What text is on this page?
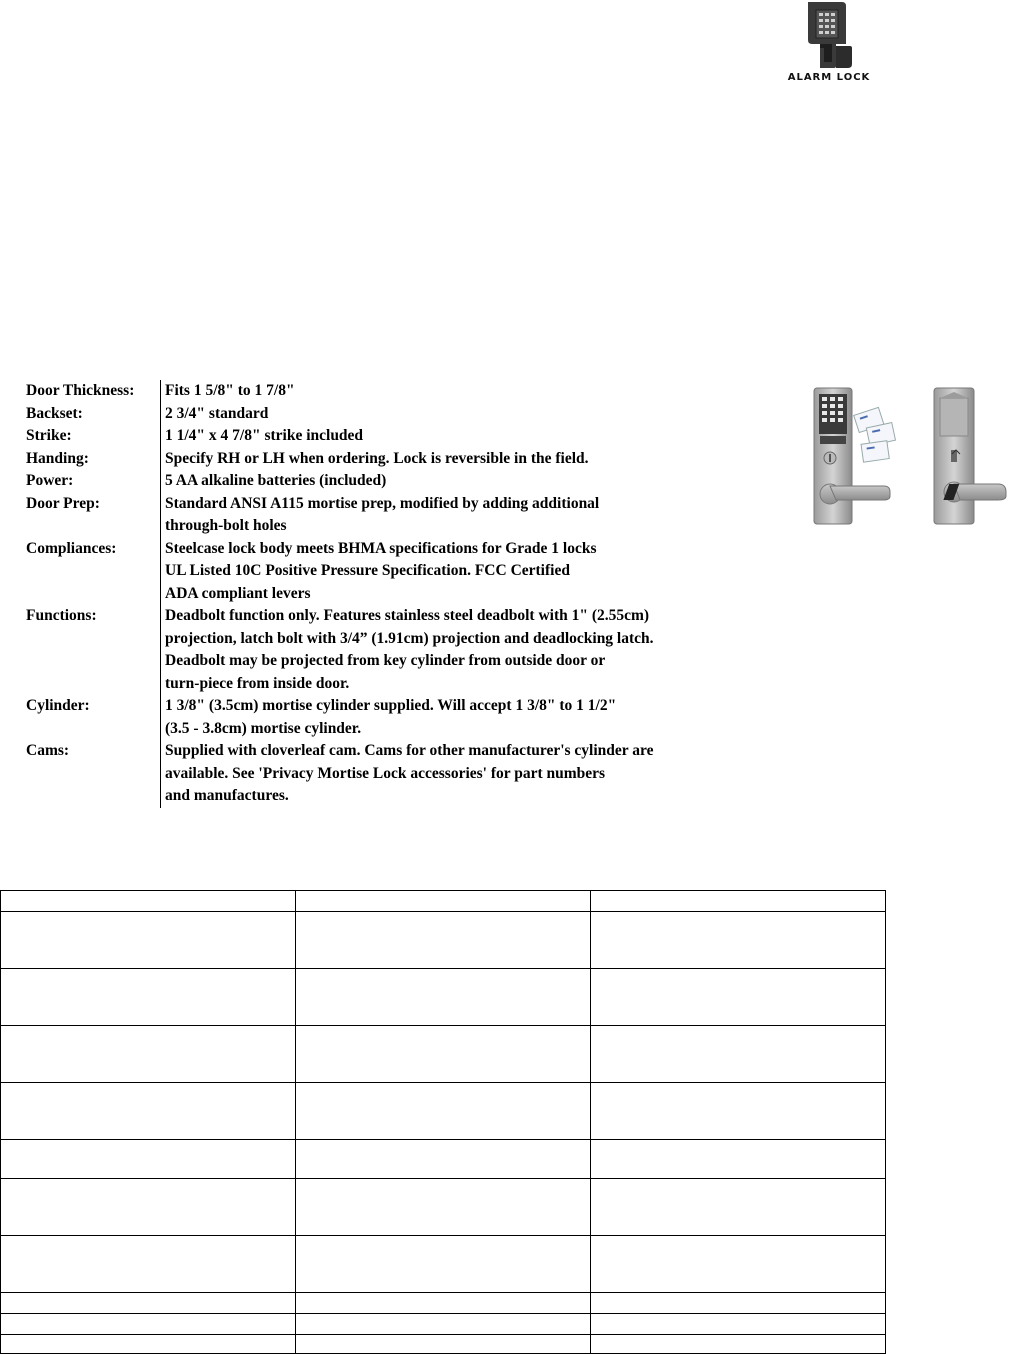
ALARM LOCK
Door Thickness:	Fits 1 5/8" to 1 7/8"
Backset:	2 3/4" standard
Strike:	1 1/4" x 4 7/8" strike included
Handing:	Specify RH or LH when ordering. Lock is reversible in the field.
Power:	5 AA alkaline batteries (included)
Door Prep:	Standard ANSI A115 mortise prep, modified by adding additional
through-bolt holes
Compliances:	Steelcase lock body meets BHMA specifications for Grade 1 locks
UL Listed 10C Positive Pressure Specification. FCC Certified
ADA compliant levers
Functions:	Deadbolt function only. Features stainless steel deadbolt with 1" (2.55cm)
projection, latch bolt with 3/4” (1.91cm) projection and deadlocking latch.
Deadbolt may be projected from key cylinder from outside door or
turn-piece from inside door.
Cylinder:	1 3/8" (3.5cm) mortise cylinder supplied. Will accept 1 3/8" to 1 1/2"
(3.5 - 3.8cm) mortise cylinder.
Cams:	Supplied with cloverleaf cam. Cams for other manufacturer's cylinder are
available. See 'Privacy Mortise Lock accessories' for part numbers
and manufactures.
